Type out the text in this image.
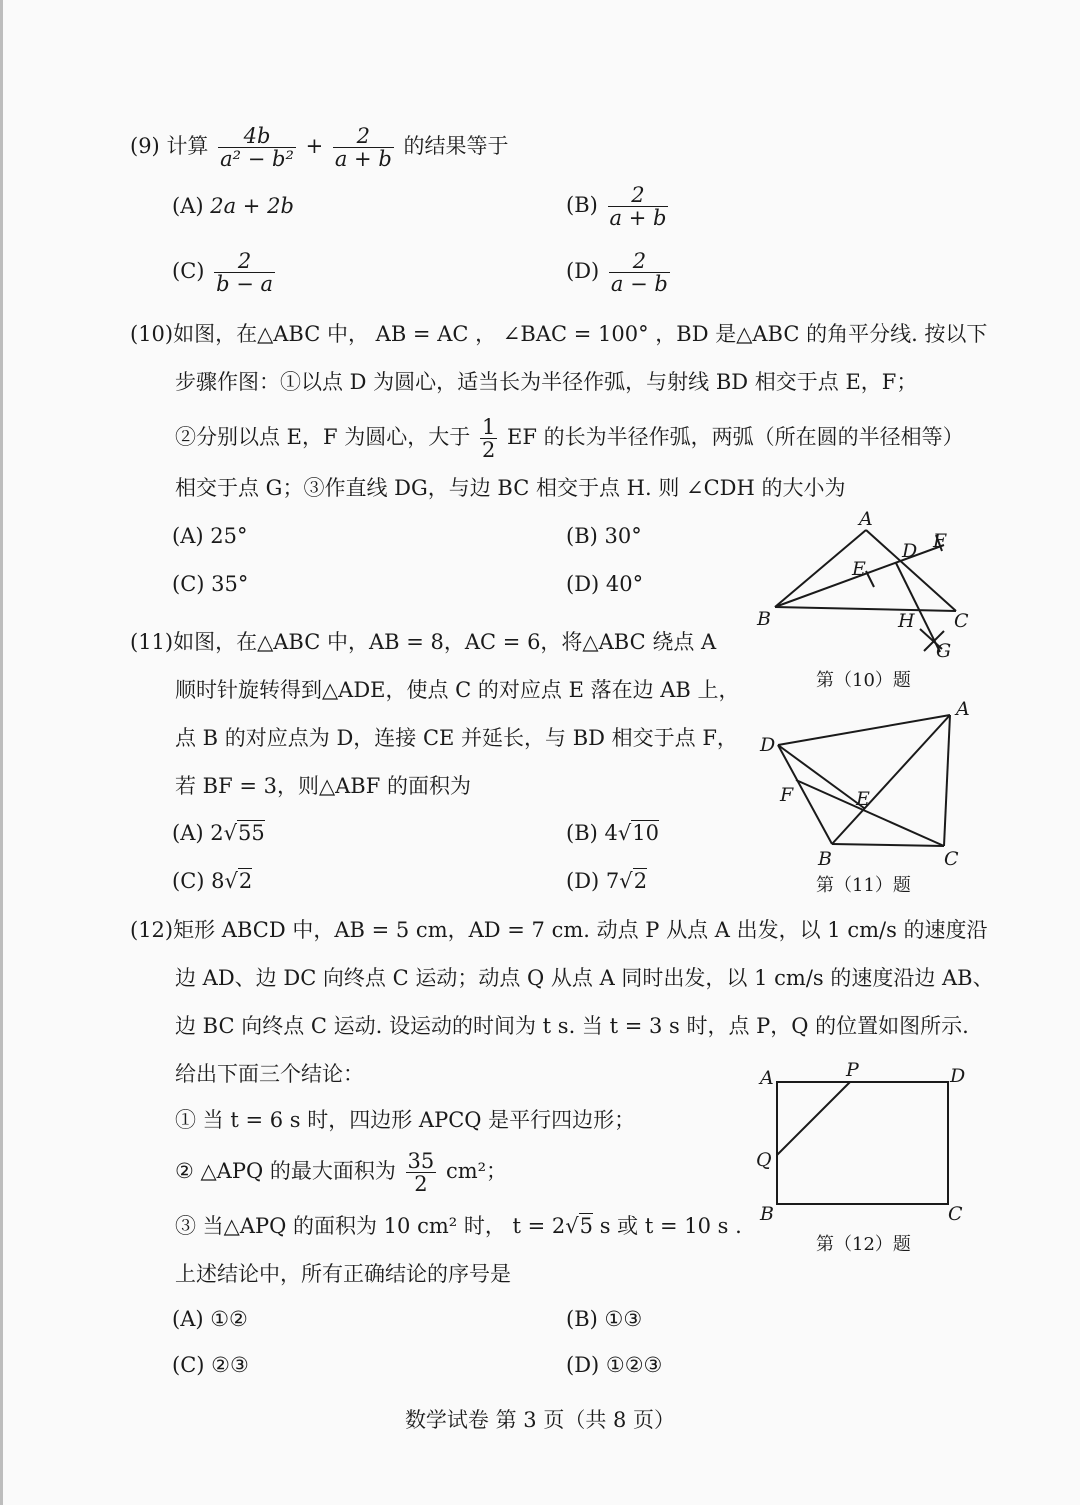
(9) 计算 $\frac{4b}{\text{a² − b²}} + \frac{2}{a + b}$ 的结果等于
(A) 2a + 2b	$(B) \frac{2}{a + b}$
$(C) \frac{2}{b - a}$	$(D) \frac{2}{a - b}$
(10)如图，在△ABC 中， AB = AC ， ∠BAC = 100° ，BD 是△ABC 的角平分线. 按以下
步骤作图：①以点 D 为圆心，适当长为半径作弧，与射线 BD 相交于点 E，F；
②分别以点 E，F 为圆心，大于 $\frac{1}{2}$ EF 的长为半径作弧，两弧（所在圆的半径相等）
相交于点 G；③作直线 DG，与边 BC 相交于点 H. 则 ∠CDH 的大小为
(A) 25°	(B) 30°
(C) 35°	(D) 40°
A
B	C
D
E
F
G
H
第（10）题
(11)如图，在△ABC 中，AB = 8，AC = 6，将△ABC 绕点 A
顺时针旋转得到△ADE，使点 C 的对应点 E 落在边 AB 上，
点 B 的对应点为 D，连接 CE 并延长，与 BD 相交于点 F，
若 BF = 3，则△ABF 的面积为
(A) 2√55	(B) 4√10
(C) 8√2	(D) 7√2
A
B	C
D
E
F
第（11）题
(12)矩形 ABCD 中，AB = 5 cm，AD = 7 cm. 动点 P 从点 A 出发，以 1 cm/s 的速度沿
边 AD、边 DC 向终点 C 运动；动点 Q 从点 A 同时出发，以 1 cm/s 的速度沿边 AB、
边 BC 向终点 C 运动. 设运动的时间为 t s. 当 t = 3 s 时，点 P，Q 的位置如图所示.
给出下面三个结论：
① 当 t = 6 s 时，四边形 APCQ 是平行四边形；
② △APQ 的最大面积为 $\frac{35}{2} cm^2$；
③ 当△APQ 的面积为 10 cm² 时， t = 2√5 s 或 t = 10 s .
上述结论中，所有正确结论的序号是
(A) ①②	(B) ①③
(C) ②③	(D) ①②③
A
B	C
D
P
Q
第（12）题
数学试卷 第 3 页（共 8 页）
